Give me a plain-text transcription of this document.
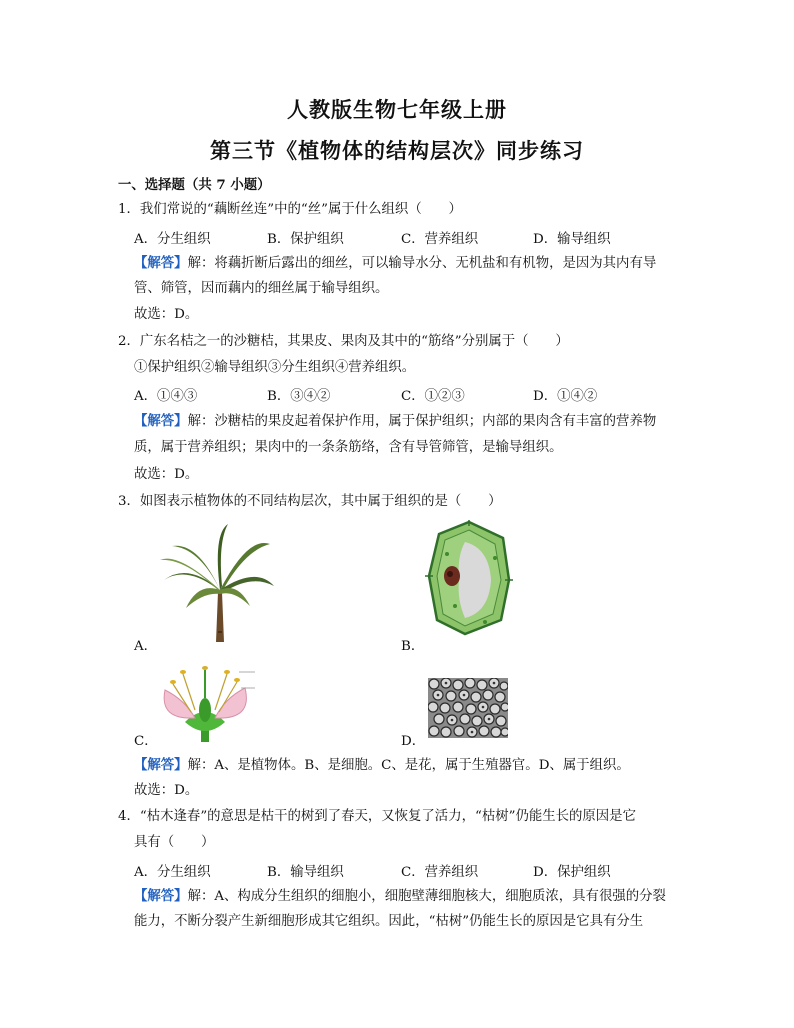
人教版生物七年级上册
第三节《植物体的结构层次》同步练习
一、选择题（共 7 小题）
1．我们常说的“藕断丝连”中的“丝”属于什么组织（　　）
A．分生组织	B．保护组织	C．营养组织	D．输导组织
【解答】解：将藕折断后露出的细丝，可以输导水分、无机盐和有机物，是因为其内有导
管、筛管，因而藕内的细丝属于输导组织。
故选：D。
2．广东名桔之一的沙糖桔，其果皮、果肉及其中的“筋络”分别属于（　　）
①保护组织②输导组织③分生组织④营养组织。
A．①④③	B．③④②	C．①②③	D．①④②
【解答】解：沙糖桔的果皮起着保护作用，属于保护组织；内部的果肉含有丰富的营养物
质，属于营养组织；果肉中的一条条筋络，含有导管筛管，是输导组织。
故选：D。
3．如图表示植物体的不同结构层次，其中属于组织的是（　　）
A．	B．
C．	D．
【解答】解：A、是植物体。B、是细胞。C、是花，属于生殖器官。D、属于组织。
故选：D。
4．“枯木逢春”的意思是枯干的树到了春天，又恢复了活力，“枯树”仍能生长的原因是它
具有（　　）
A．分生组织	B．输导组织	C．营养组织	D．保护组织
【解答】解：A、构成分生组织的细胞小，细胞壁薄细胞核大，细胞质浓，具有很强的分裂
能力，不断分裂产生新细胞形成其它组织。因此，“枯树”仍能生长的原因是它具有分生
